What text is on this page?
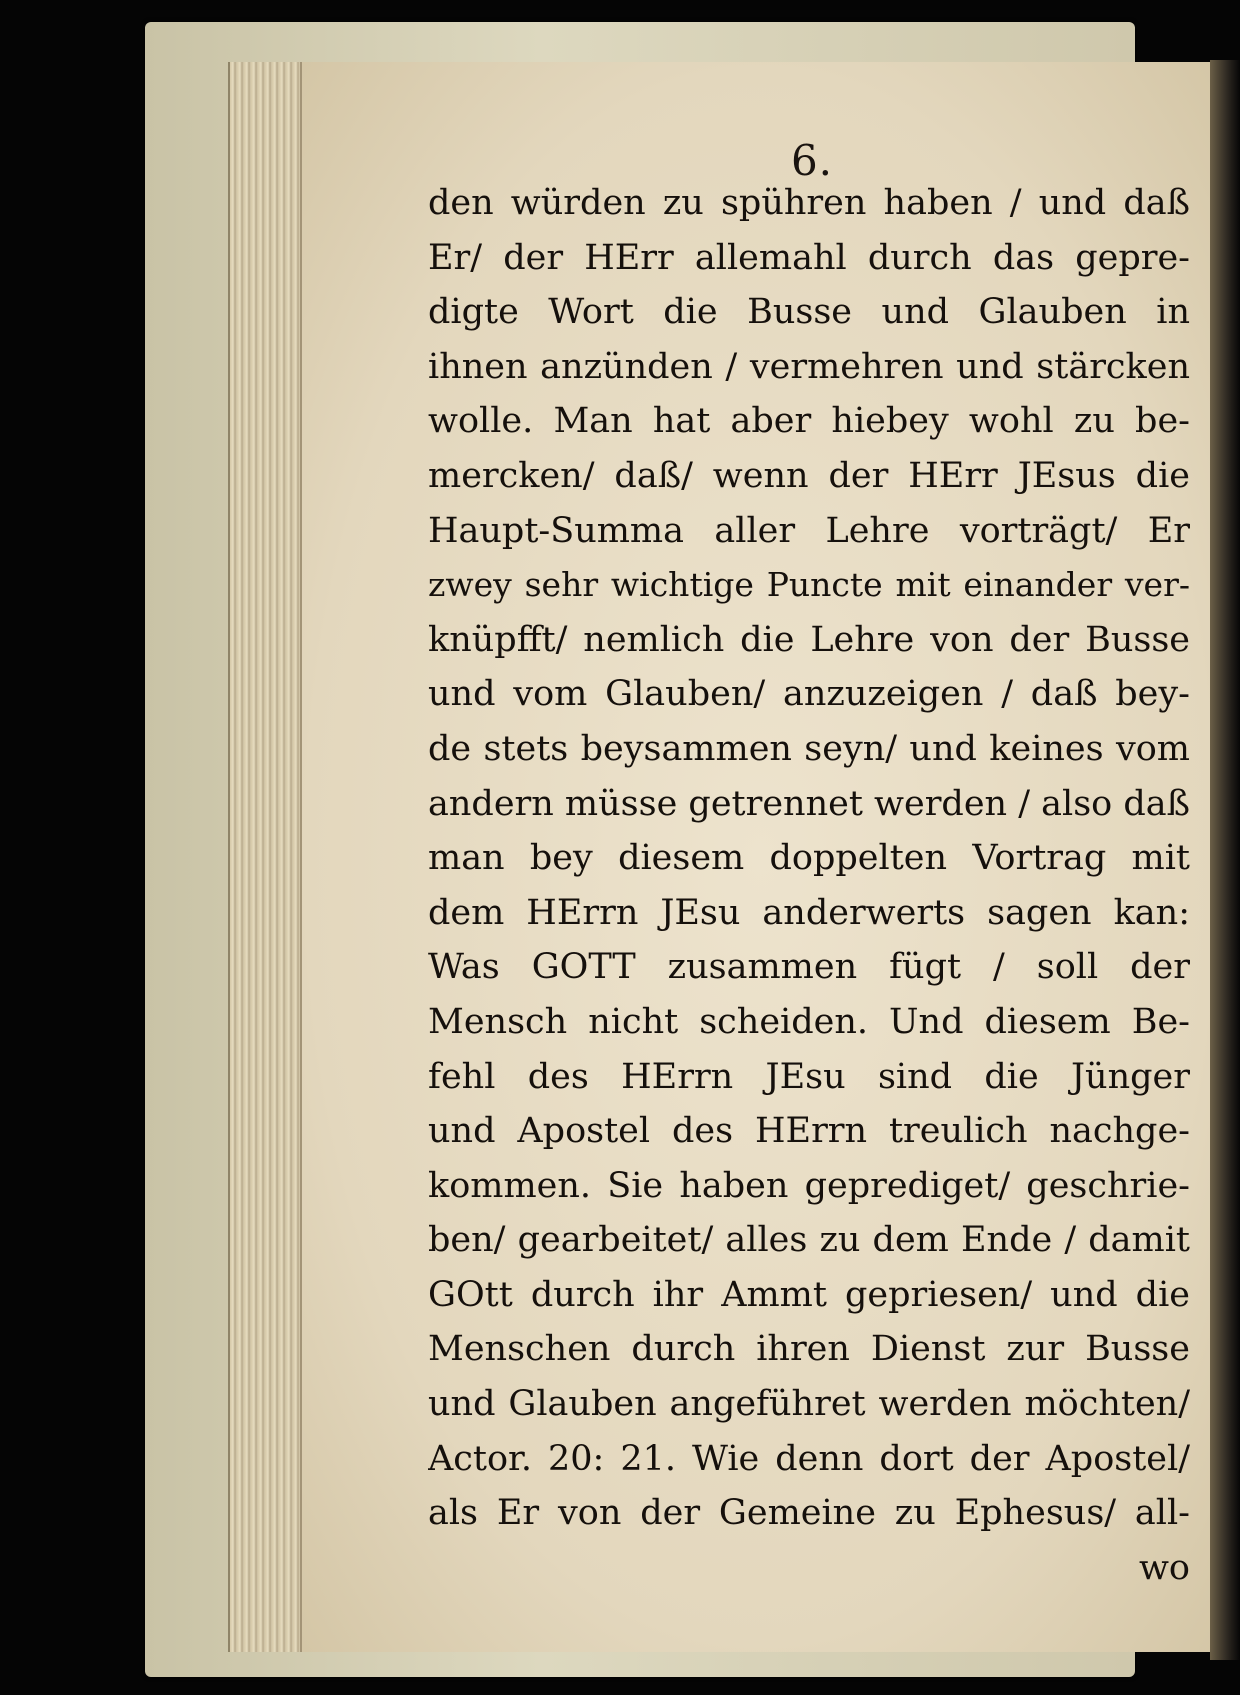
6.
den würden zu spühren haben / und daß
Er/ der HErr allemahl durch das gepre-
digte Wort die Busse und Glauben in
ihnen anzünden / vermehren und stärcken
wolle. Man hat aber hiebey wohl zu be-
mercken/ daß/ wenn der HErr JEsus die
Haupt-Summa aller Lehre vorträgt/ Er
zwey sehr wichtige Puncte mit einander ver-
knüpfft/ nemlich die Lehre von der Busse
und vom Glauben/ anzuzeigen / daß bey-
de stets beysammen seyn/ und keines vom
andern müsse getrennet werden / also daß
man bey diesem doppelten Vortrag mit
dem HErrn JEsu anderwerts sagen kan:
Was GOTT zusammen fügt / soll der
Mensch nicht scheiden. Und diesem Be-
fehl des HErrn JEsu sind die Jünger
und Apostel des HErrn treulich nachge-
kommen. Sie haben geprediget/ geschrie-
ben/ gearbeitet/ alles zu dem Ende / damit
GOtt durch ihr Ammt gepriesen/ und die
Menschen durch ihren Dienst zur Busse
und Glauben angeführet werden möchten/
Actor. 20: 21. Wie denn dort der Apostel/
als Er von der Gemeine zu Ephesus/ all-
wo
